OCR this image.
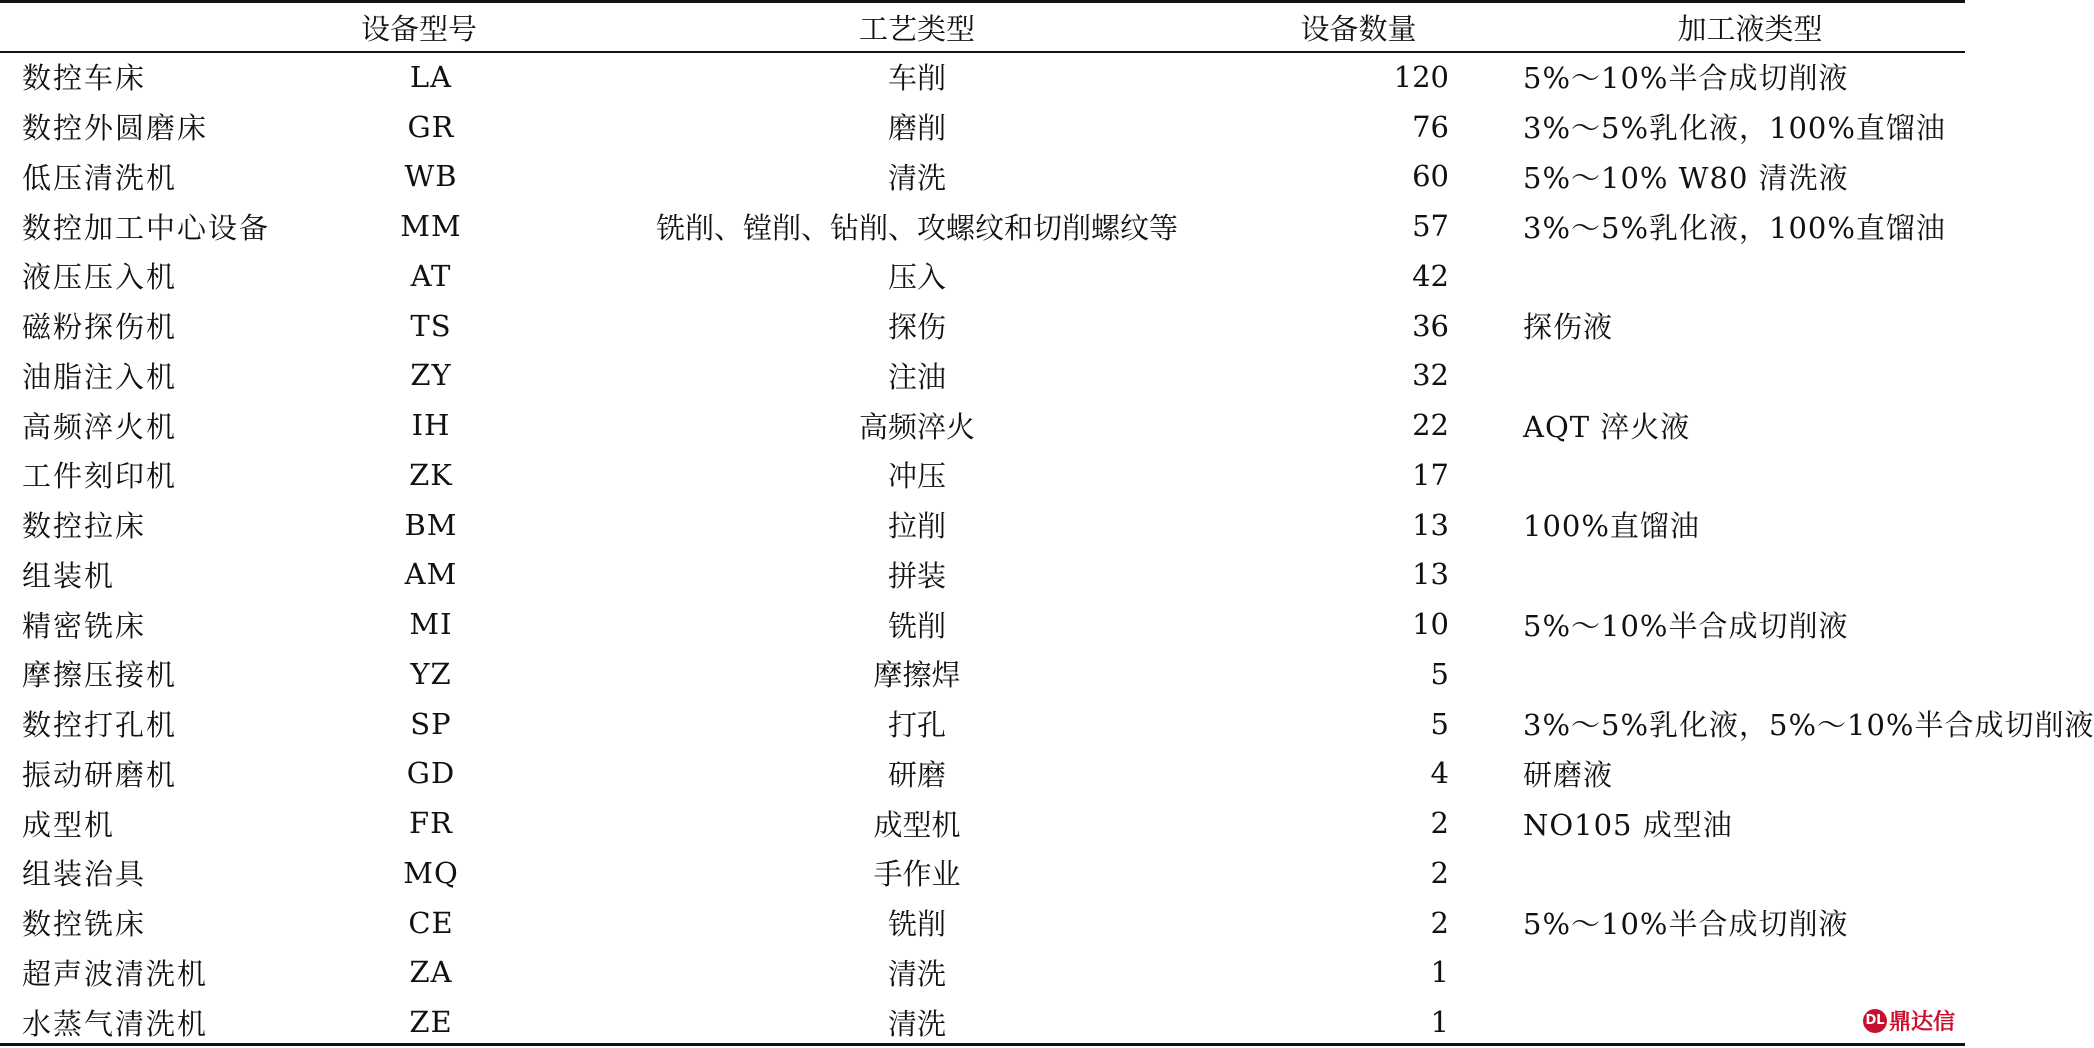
	设备型号	工艺类型	设备数量	加工液类型
数控车床	LA	车削	120	5%～10%半合成切削液
数控外圆磨床	GR	磨削	76	3%～5%乳化液，100%直馏油
低压清洗机	WB	清洗	60	5%～10% W80 清洗液
数控加工中心设备	MM	铣削、镗削、钻削、攻螺纹和切削螺纹等	57	3%～5%乳化液，100%直馏油
液压压入机	AT	压入	42	
磁粉探伤机	TS	探伤	36	探伤液
油脂注入机	ZY	注油	32	
高频淬火机	IH	高频淬火	22	AQT 淬火液
工件刻印机	ZK	冲压	17	
数控拉床	BM	拉削	13	100%直馏油
组装机	AM	拼装	13	
精密铣床	MI	铣削	10	5%～10%半合成切削液
摩擦压接机	YZ	摩擦焊	5	
数控打孔机	SP	打孔	5	3%～5%乳化液，5%～10%半合成切削液
振动研磨机	GD	研磨	4	研磨液
成型机	FR	成型机	2	NO105 成型油
组装治具	MQ	手作业	2	
数控铣床	CE	铣削	2	5%～10%半合成切削液
超声波清洗机	ZA	清洗	1	
水蒸气清洗机	ZE	清洗	1		DL 鼎达信
